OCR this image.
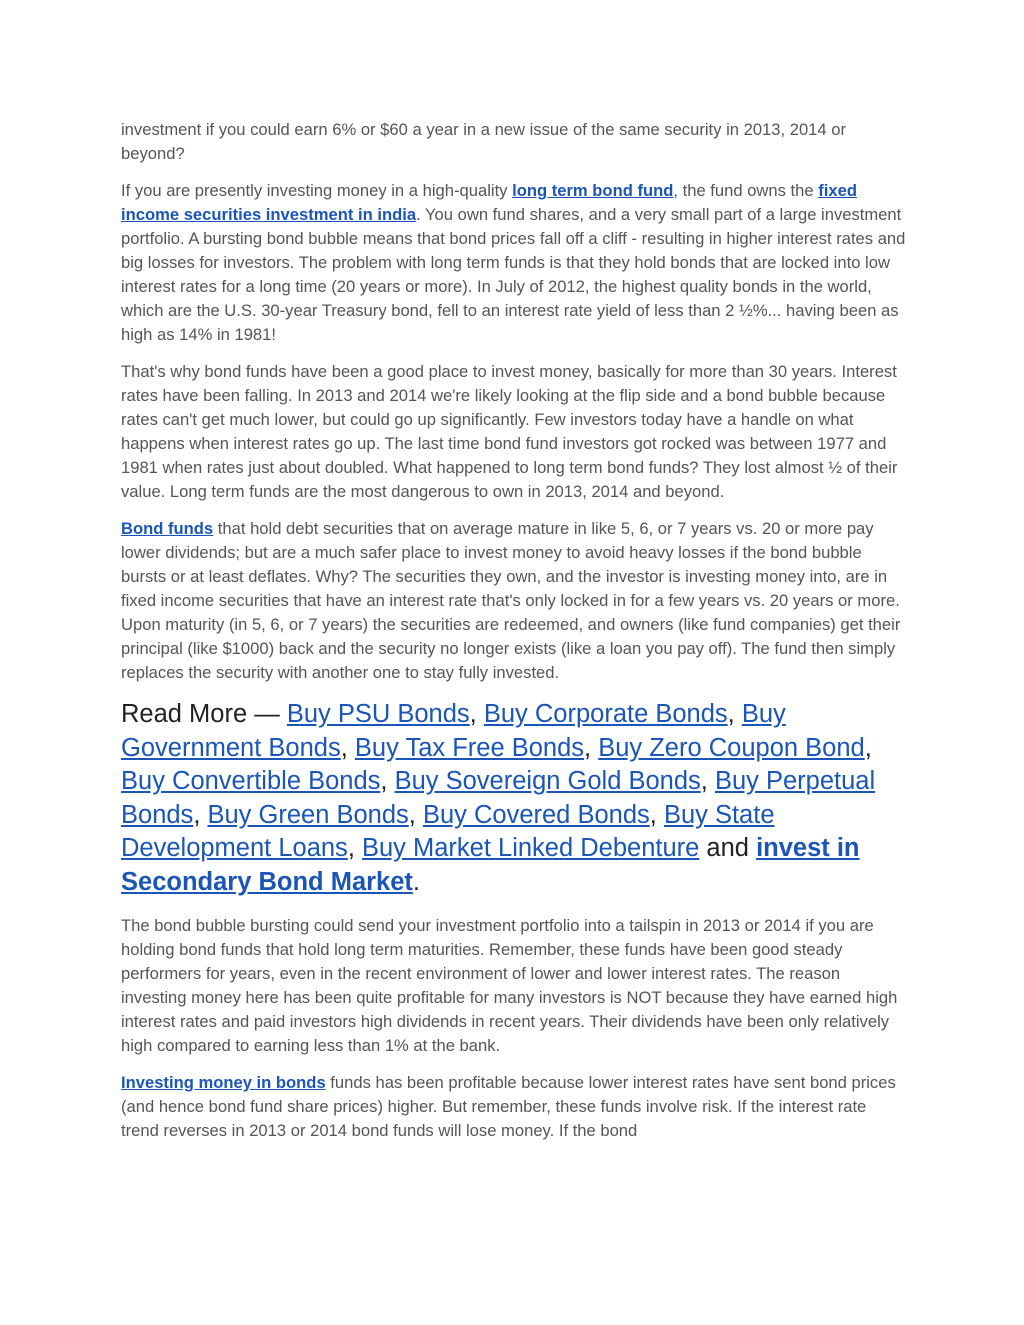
investment if you could earn 6% or $60 a year in a new issue of the same security in 2013, 2014 or beyond?

If you are presently investing money in a high-quality long term bond fund, the fund owns the fixed income securities investment in india. You own fund shares, and a very small part of a large investment portfolio. A bursting bond bubble means that bond prices fall off a cliff - resulting in higher interest rates and big losses for investors. The problem with long term funds is that they hold bonds that are locked into low interest rates for a long time (20 years or more). In July of 2012, the highest quality bonds in the world, which are the U.S. 30-year Treasury bond, fell to an interest rate yield of less than 2 ½%... having been as high as 14% in 1981!

That's why bond funds have been a good place to invest money, basically for more than 30 years. Interest rates have been falling. In 2013 and 2014 we're likely looking at the flip side and a bond bubble because rates can't get much lower, but could go up significantly. Few investors today have a handle on what happens when interest rates go up. The last time bond fund investors got rocked was between 1977 and 1981 when rates just about doubled. What happened to long term bond funds? They lost almost ½ of their value. Long term funds are the most dangerous to own in 2013, 2014 and beyond.

Bond funds that hold debt securities that on average mature in like 5, 6, or 7 years vs. 20 or more pay lower dividends; but are a much safer place to invest money to avoid heavy losses if the bond bubble bursts or at least deflates. Why? The securities they own, and the investor is investing money into, are in fixed income securities that have an interest rate that's only locked in for a few years vs. 20 years or more. Upon maturity (in 5, 6, or 7 years) the securities are redeemed, and owners (like fund companies) get their principal (like $1000) back and the security no longer exists (like a loan you pay off). The fund then simply replaces the security with another one to stay fully invested.

Read More — Buy PSU Bonds, Buy Corporate Bonds, Buy Government Bonds, Buy Tax Free Bonds, Buy Zero Coupon Bond, Buy Convertible Bonds, Buy Sovereign Gold Bonds, Buy Perpetual Bonds, Buy Green Bonds, Buy Covered Bonds, Buy State Development Loans, Buy Market Linked Debenture and invest in Secondary Bond Market.

The bond bubble bursting could send your investment portfolio into a tailspin in 2013 or 2014 if you are holding bond funds that hold long term maturities. Remember, these funds have been good steady performers for years, even in the recent environment of lower and lower interest rates. The reason investing money here has been quite profitable for many investors is NOT because they have earned high interest rates and paid investors high dividends in recent years. Their dividends have been only relatively high compared to earning less than 1% at the bank.

Investing money in bonds funds has been profitable because lower interest rates have sent bond prices (and hence bond fund share prices) higher. But remember, these funds involve risk. If the interest rate trend reverses in 2013 or 2014 bond funds will lose money. If the bond
